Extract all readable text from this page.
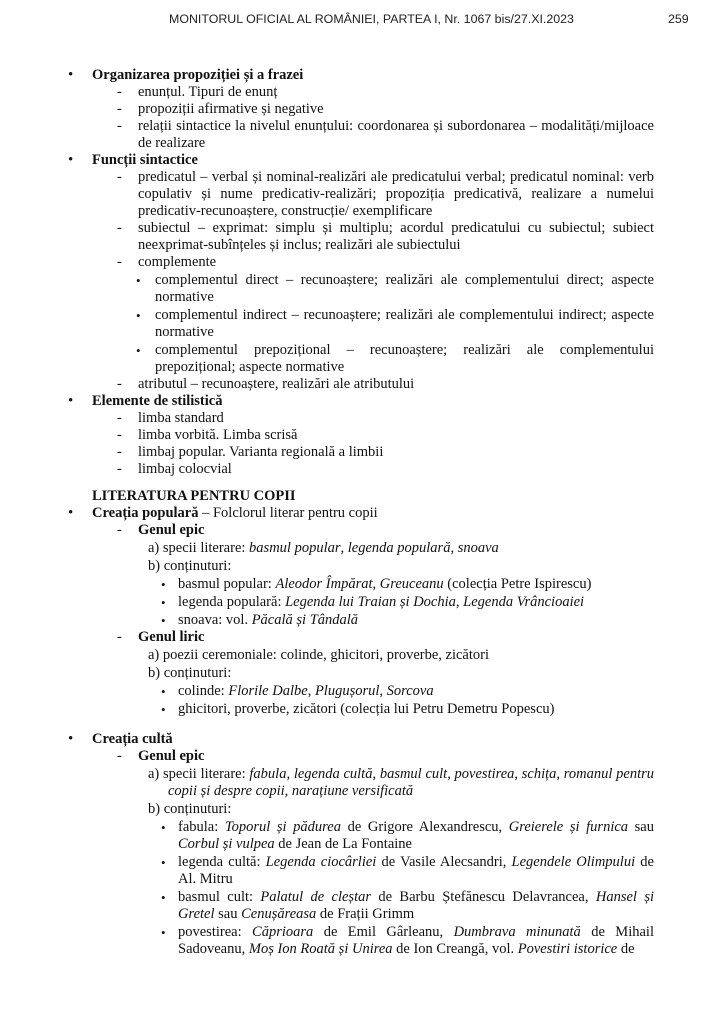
MONITORUL OFICIAL AL ROMÂNIEI, PARTEA I, Nr. 1067 bis/27.XI.2023	259
• Organizarea propoziției și a frazei
- enunțul. Tipuri de enunț
- propoziții afirmative și negative
- relații sintactice la nivelul enunțului: coordonarea și subordonarea – modalități/mijloace de realizare
• Funcții sintactice
- predicatul – verbal și nominal-realizări ale predicatului verbal; predicatul nominal: verb copulativ și nume predicativ-realizări; propoziția predicativă, realizare a numelui predicativ-recunoaștere, construcție/ exemplificare
- subiectul – exprimat: simplu și multiplu; acordul predicatului cu subiectul; subiect neexprimat-subînțeles și inclus; realizări ale subiectului
- complemente
• complementul direct – recunoaștere; realizări ale complementului direct; aspecte normative
• complementul indirect – recunoaștere; realizări ale complementului indirect; aspecte normative
• complementul prepozițional – recunoaștere; realizări ale complementului prepozițional; aspecte normative
- atributul – recunoaștere, realizări ale atributului
• Elemente de stilistică
- limba standard
- limba vorbită. Limba scrisă
- limbaj popular. Varianta regională a limbii
- limbaj colocvial
LITERATURA PENTRU COPII
• Creația populară – Folclorul literar pentru copii
- Genul epic
a) specii literare: basmul popular, legenda populară, snoava
b) conținuturi:
• basmul popular: Aleodor Împărat, Greuceanu (colecția Petre Ispirescu)
• legenda populară: Legenda lui Traian și Dochia, Legenda Vrâncioaiei
• snoava: vol. Păcală și Tândală
- Genul liric
a) poezii ceremoniale: colinde, ghicitori, proverbe, zicători
b) conținuturi:
• colinde: Florile Dalbe, Plugușorul, Sorcova
• ghicitori, proverbe, zicători (colecția lui Petru Demetru Popescu)
• Creația cultă
- Genul epic
a) specii literare: fabula, legenda cultă, basmul cult, povestirea, schița, romanul pentru copii și despre copii, narațiune versificată
b) conținuturi:
• fabula: Toporul și pădurea de Grigore Alexandrescu, Greierele și furnica sau Corbul și vulpea de Jean de La Fontaine
• legenda cultă: Legenda ciocârliei de Vasile Alecsandri, Legendele Olimpului de Al. Mitru
• basmul cult: Palatul de cleștar de Barbu Ștefănescu Delavrancea, Hansel și Gretel sau Cenușăreasa de Frații Grimm
• povestirea: Căprioara de Emil Gârleanu, Dumbrava minunată de Mihail Sadoveanu, Moș Ion Roată și Unirea de Ion Creangă, vol. Povestiri istorice de
